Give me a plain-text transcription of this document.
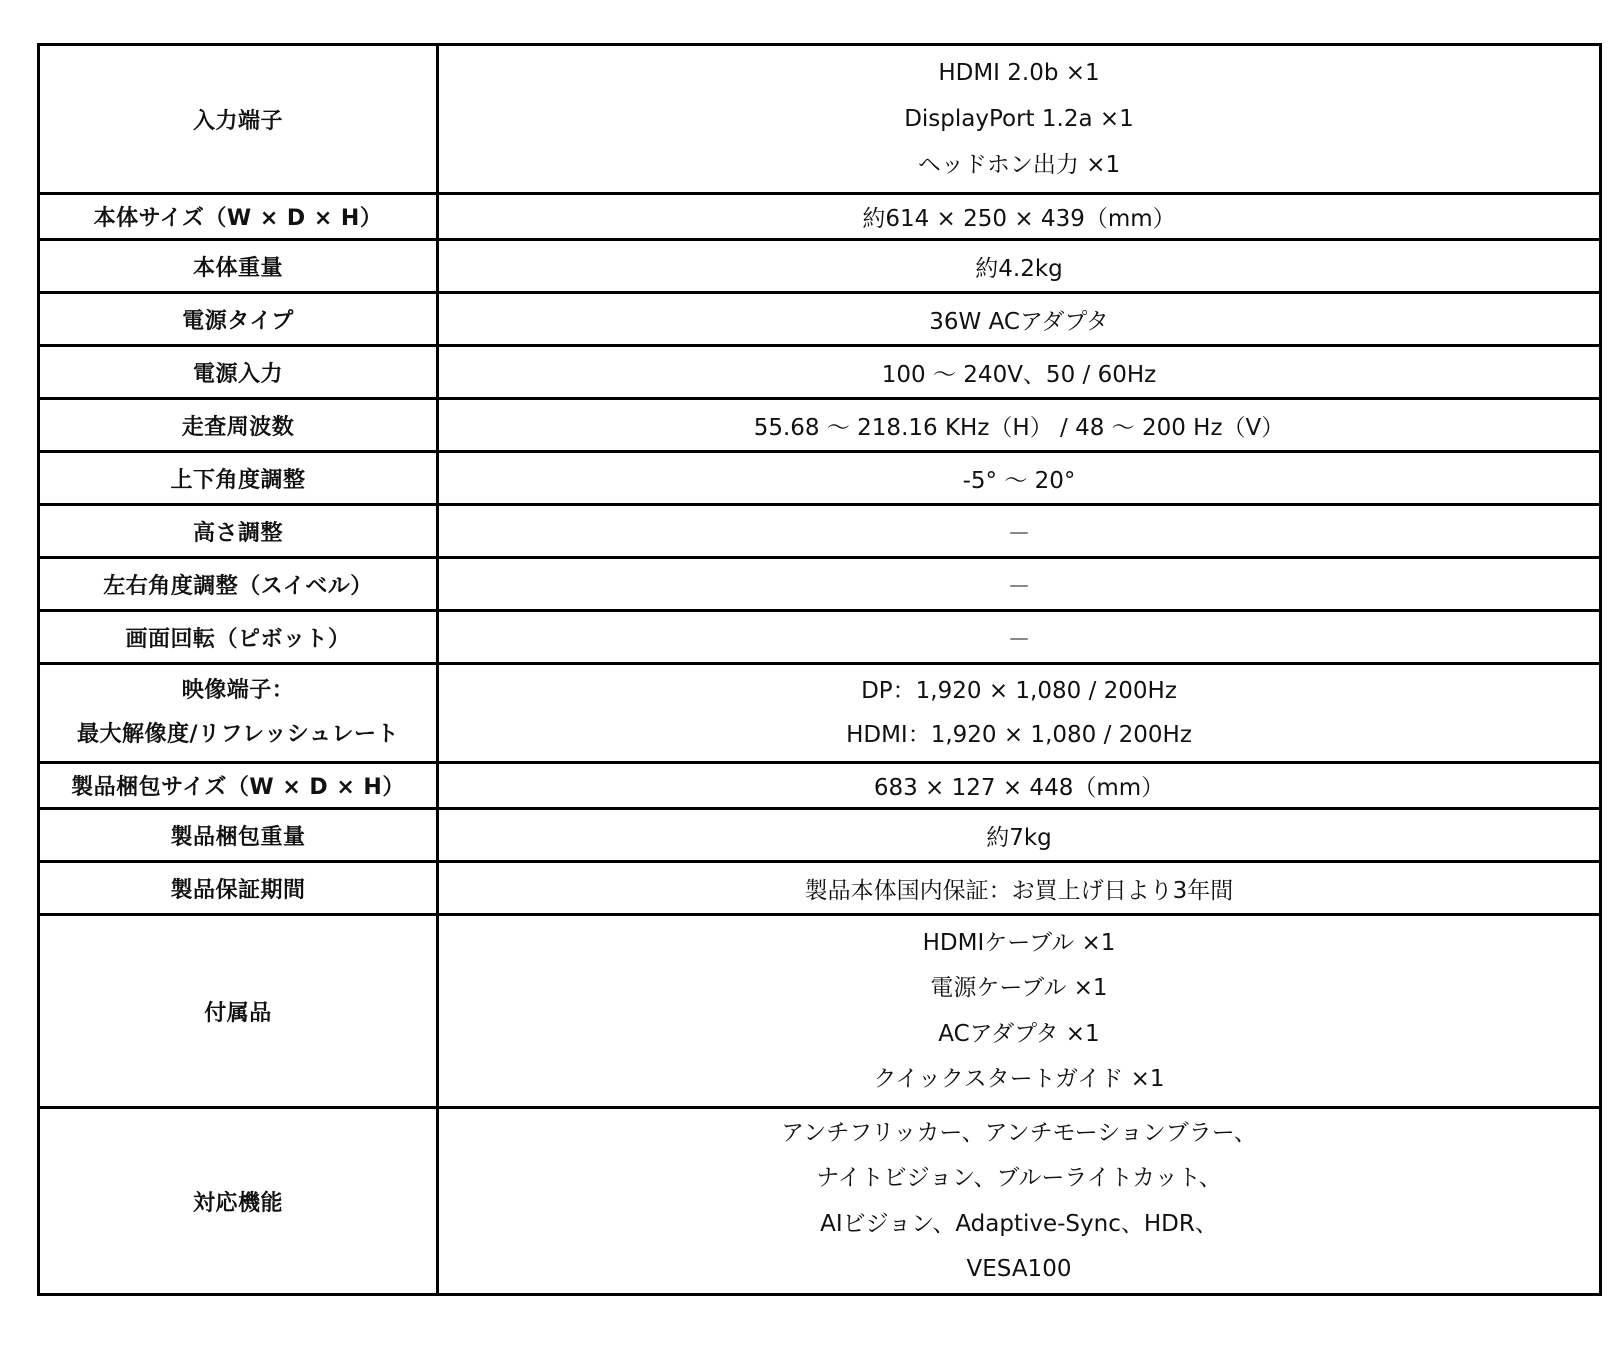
入力端子	HDMI 2.0b ×1
DisplayPort 1.2a ×1
ヘッドホン出力 ×1

本体サイズ（W × D × H）	約614 × 250 × 439（mm）

本体重量	約4.2kg

電源タイプ	36W ACアダプタ

電源入力	100 ～ 240V、50 / 60Hz

走査周波数	55.68 ～ 218.16 KHz（H） / 48 ～ 200 Hz（V）

上下角度調整	-5° ～ 20°

高さ調整	－

左右角度調整（スイベル）	－

画面回転（ピボット）	－

映像端子：
最大解像度/リフレッシュレート	DP：1,920 × 1,080 / 200Hz
HDMI：1,920 × 1,080 / 200Hz

製品梱包サイズ（W × D × H）	683 × 127 × 448（mm）

製品梱包重量	約7kg

製品保証期間	製品本体国内保証：お買上げ日より3年間

付属品	HDMIケーブル ×1
電源ケーブル ×1
ACアダプタ ×1
クイックスタートガイド ×1

対応機能	アンチフリッカー、アンチモーションブラー、
ナイトビジョン、ブルーライトカット、
AIビジョン、Adaptive-Sync、HDR、
VESA100
